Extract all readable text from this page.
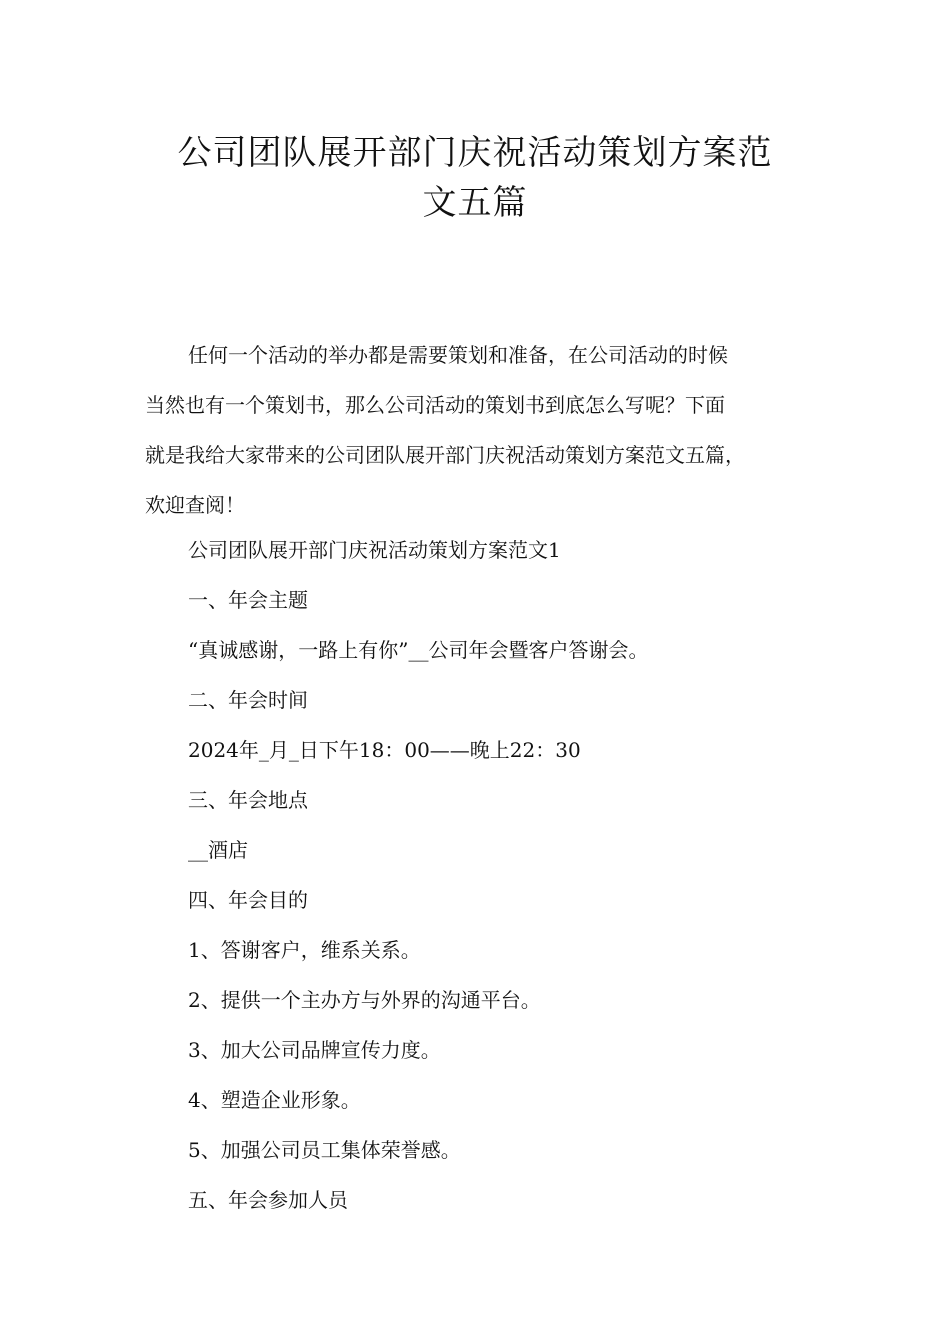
公司团队展开部门庆祝活动策划方案范
文五篇

任何一个活动的举办都是需要策划和准备，在公司活动的时候
当然也有一个策划书，那么公司活动的策划书到底怎么写呢？下面
就是我给大家带来的公司团队展开部门庆祝活动策划方案范文五篇，
欢迎查阅！

公司团队展开部门庆祝活动策划方案范文1

一、年会主题

“真诚感谢，一路上有你”__公司年会暨客户答谢会。

二、年会时间

2024年_月_日下午18：00——晚上22：30

三、年会地点

__酒店

四、年会目的

1、答谢客户，维系关系。

2、提供一个主办方与外界的沟通平台。

3、加大公司品牌宣传力度。

4、塑造企业形象。

5、加强公司员工集体荣誉感。

五、年会参加人员
